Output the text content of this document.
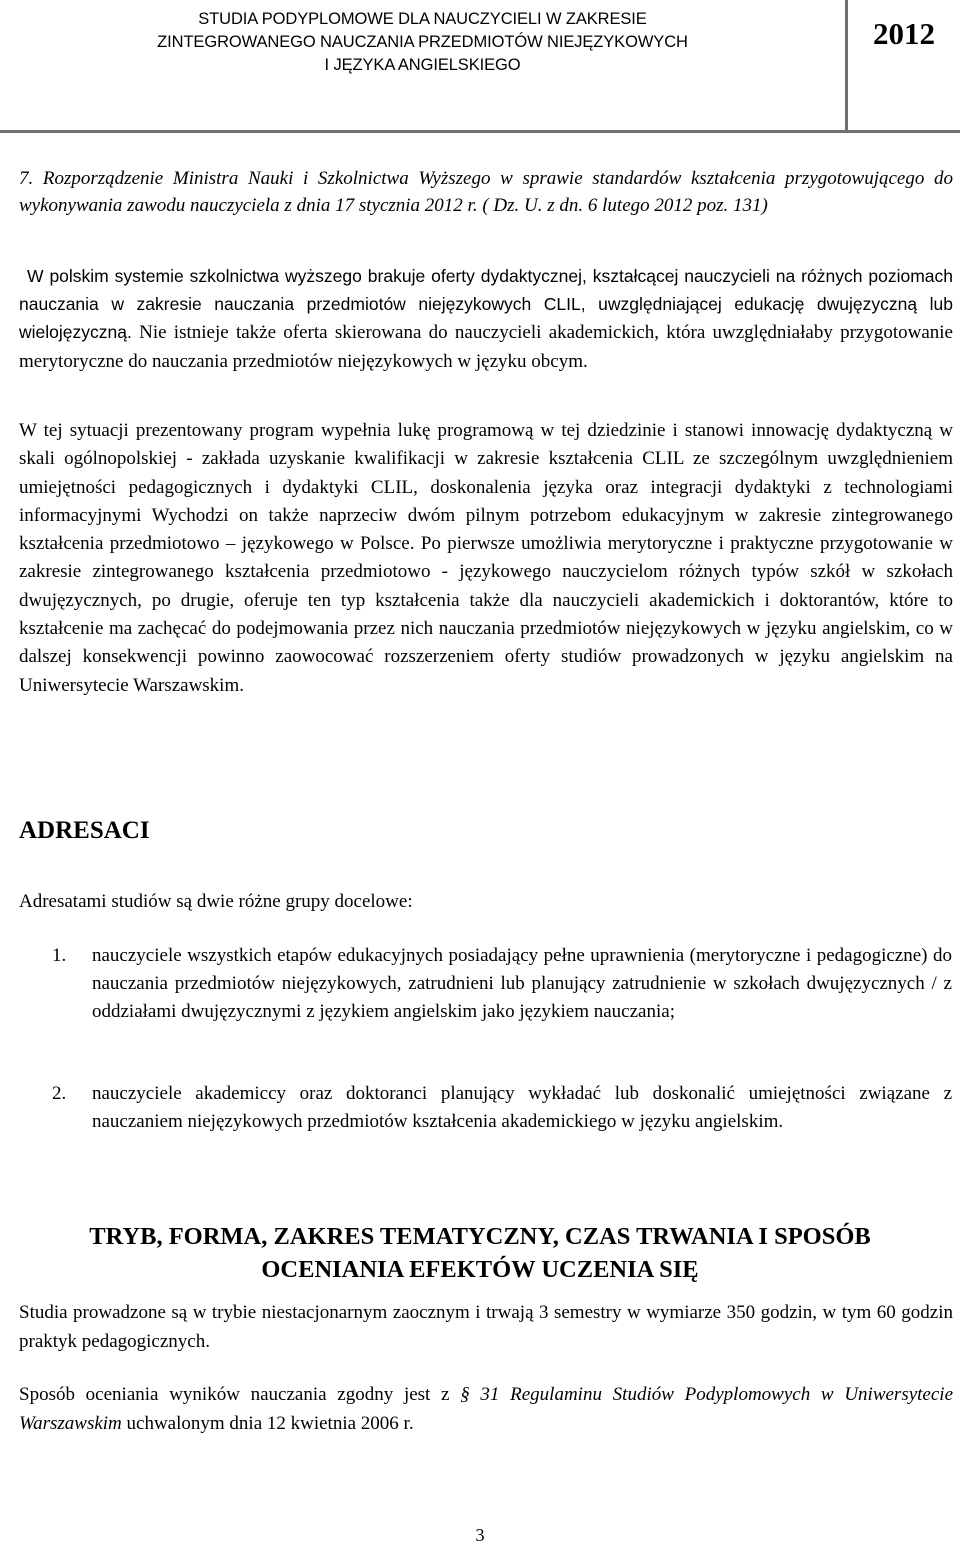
STUDIA PODYPLOMOWE DLA NAUCZYCIELI W ZAKRESIE
ZINTEGROWANEGO NAUCZANIA PRZEDMIOTÓW NIEJĘZYKOWYCH
I JĘZYKA ANGIELSKIEGO
2012
7. Rozporządzenie Ministra Nauki i Szkolnictwa Wyższego w sprawie standardów kształcenia przygotowującego do wykonywania zawodu nauczyciela z dnia 17 stycznia 2012 r. ( Dz. U. z dn. 6 lutego 2012 poz. 131)
W polskim systemie szkolnictwa wyższego brakuje oferty dydaktycznej, kształcącej nauczycieli na różnych poziomach nauczania w zakresie nauczania przedmiotów niejęzykowych CLIL, uwzględniającej edukację dwujęzyczną lub wielojęzyczną. Nie istnieje także oferta skierowana do nauczycieli akademickich, która uwzględniałaby przygotowanie merytoryczne do nauczania przedmiotów niejęzykowych w języku obcym.
W tej sytuacji prezentowany program wypełnia lukę programową w tej dziedzinie i stanowi innowację dydaktyczną w skali ogólnopolskiej - zakłada uzyskanie kwalifikacji w zakresie kształcenia CLIL ze szczególnym uwzględnieniem umiejętności pedagogicznych i dydaktyki CLIL, doskonalenia języka oraz integracji dydaktyki z technologiami informacyjnymi Wychodzi on także naprzeciw dwóm pilnym potrzebom edukacyjnym w zakresie zintegrowanego kształcenia przedmiotowo – językowego w Polsce. Po pierwsze umożliwia merytoryczne i praktyczne przygotowanie w zakresie zintegrowanego kształcenia przedmiotowo - językowego nauczycielom różnych typów szkół w szkołach dwujęzycznych, po drugie, oferuje ten typ kształcenia także dla nauczycieli akademickich i doktorantów, które to kształcenie ma zachęcać do podejmowania przez nich nauczania przedmiotów niejęzykowych w języku angielskim, co w dalszej konsekwencji powinno zaowocować rozszerzeniem oferty studiów prowadzonych w języku angielskim na Uniwersytecie Warszawskim.
ADRESACI
Adresatami studiów są dwie różne grupy docelowe:
1. nauczyciele wszystkich etapów edukacyjnych posiadający pełne uprawnienia (merytoryczne i pedagogiczne) do nauczania przedmiotów niejęzykowych, zatrudnieni lub planujący zatrudnienie w szkołach dwujęzycznych / z oddziałami dwujęzycznymi z językiem angielskim jako językiem nauczania;
2. nauczyciele akademiccy oraz doktoranci planujący wykładać lub doskonalić umiejętności związane z nauczaniem niejęzykowych przedmiotów kształcenia akademickiego w języku angielskim.
TRYB, FORMA, ZAKRES TEMATYCZNY, CZAS TRWANIA I SPOSÓB
OCENIANIA EFEKTÓW UCZENIA SIĘ
Studia prowadzone są w trybie niestacjonarnym zaocznym i trwają 3 semestry w wymiarze 350 godzin, w tym 60 godzin praktyk pedagogicznych.
Sposób oceniania wyników nauczania zgodny jest z § 31 Regulaminu Studiów Podyplomowych w Uniwersytecie Warszawskim uchwalonym dnia 12 kwietnia 2006 r.
3
